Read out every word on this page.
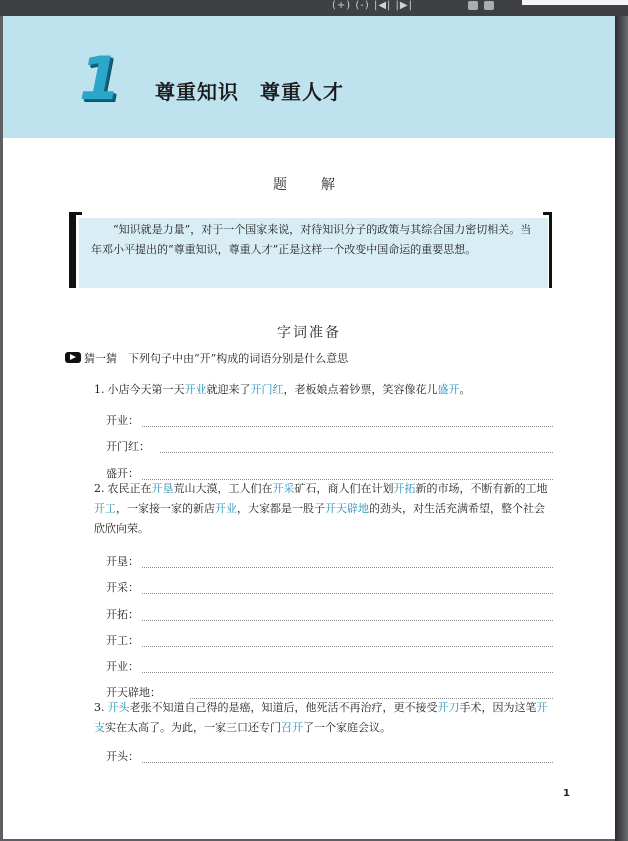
(+) (-) |◀| |▶|
1 尊重知识　尊重人才
题　解
“知识就是力量”，对于一个国家来说，对待知识分子的政策与其综合国力密切相关。当年邓小平提出的“尊重知识，尊重人才”正是这样一个改变中国命运的重要思想。
字词准备
猜一猜　下列句子中由“开”构成的词语分别是什么意思
1. 小店今天第一天开业就迎来了开门红，老板娘点着钞票，笑容像花儿盛开。
开业：
开门红：
盛开：
2. 农民正在开垦荒山大漠，工人们在开采矿石，商人们在计划开拓新的市场，不断有新的工地开工，一家接一家的新店开业，大家都是一股子开天辟地的劲头，对生活充满希望，整个社会欣欣向荣。
开垦：
开采：
开拓：
开工：
开业：
开天辟地：
3. 开头老张不知道自己得的是癌，知道后，他死活不再治疗，更不接受开刀手术，因为这笔开支实在太高了。为此，一家三口还专门召开了一个家庭会议。
开头：
1
